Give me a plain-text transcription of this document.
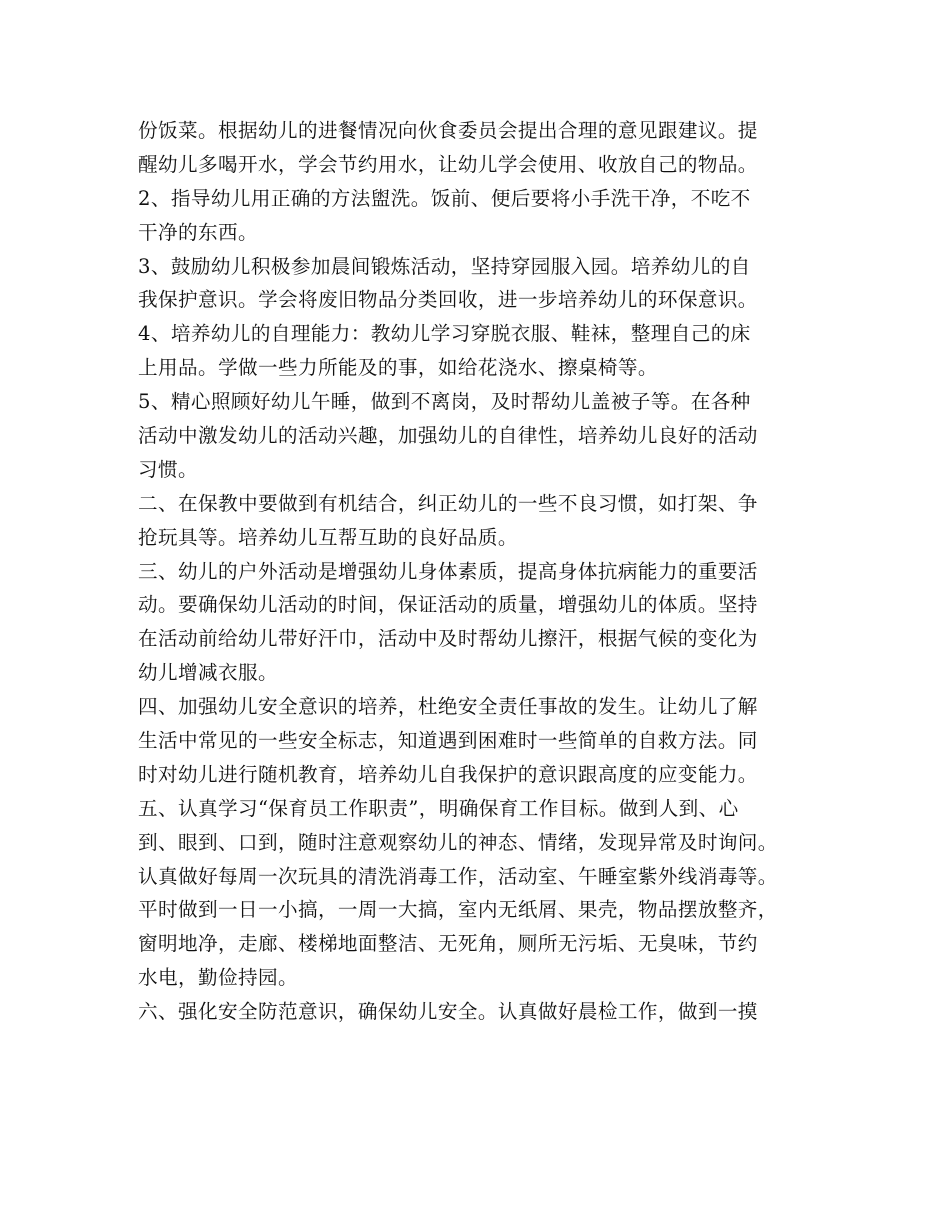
份饭菜。根据幼儿的进餐情况向伙食委员会提出合理的意见跟建议。提
醒幼儿多喝开水，学会节约用水，让幼儿学会使用、收放自己的物品。
2、指导幼儿用正确的方法盥洗。饭前、便后要将小手洗干净，不吃不
干净的东西。
3、鼓励幼儿积极参加晨间锻炼活动，坚持穿园服入园。培养幼儿的自
我保护意识。学会将废旧物品分类回收，进一步培养幼儿的环保意识。
4、培养幼儿的自理能力：教幼儿学习穿脱衣服、鞋袜，整理自己的床
上用品。学做一些力所能及的事，如给花浇水、擦桌椅等。
5、精心照顾好幼儿午睡，做到不离岗，及时帮幼儿盖被子等。在各种
活动中激发幼儿的活动兴趣，加强幼儿的自律性，培养幼儿良好的活动
习惯。
二、在保教中要做到有机结合，纠正幼儿的一些不良习惯，如打架、争
抢玩具等。培养幼儿互帮互助的良好品质。
三、幼儿的户外活动是增强幼儿身体素质，提高身体抗病能力的重要活
动。要确保幼儿活动的时间，保证活动的质量，增强幼儿的体质。坚持
在活动前给幼儿带好汗巾，活动中及时帮幼儿擦汗，根据气候的变化为
幼儿增减衣服。
四、加强幼儿安全意识的培养，杜绝安全责任事故的发生。让幼儿了解
生活中常见的一些安全标志，知道遇到困难时一些简单的自救方法。同
时对幼儿进行随机教育，培养幼儿自我保护的意识跟高度的应变能力。
五、认真学习“保育员工作职责”，明确保育工作目标。做到人到、心
到、眼到、口到，随时注意观察幼儿的神态、情绪，发现异常及时询问。
认真做好每周一次玩具的清洗消毒工作，活动室、午睡室紫外线消毒等。
平时做到一日一小搞，一周一大搞，室内无纸屑、果壳，物品摆放整齐，
窗明地净，走廊、楼梯地面整洁、无死角，厕所无污垢、无臭味，节约
水电，勤俭持园。
六、强化安全防范意识，确保幼儿安全。认真做好晨检工作，做到一摸
